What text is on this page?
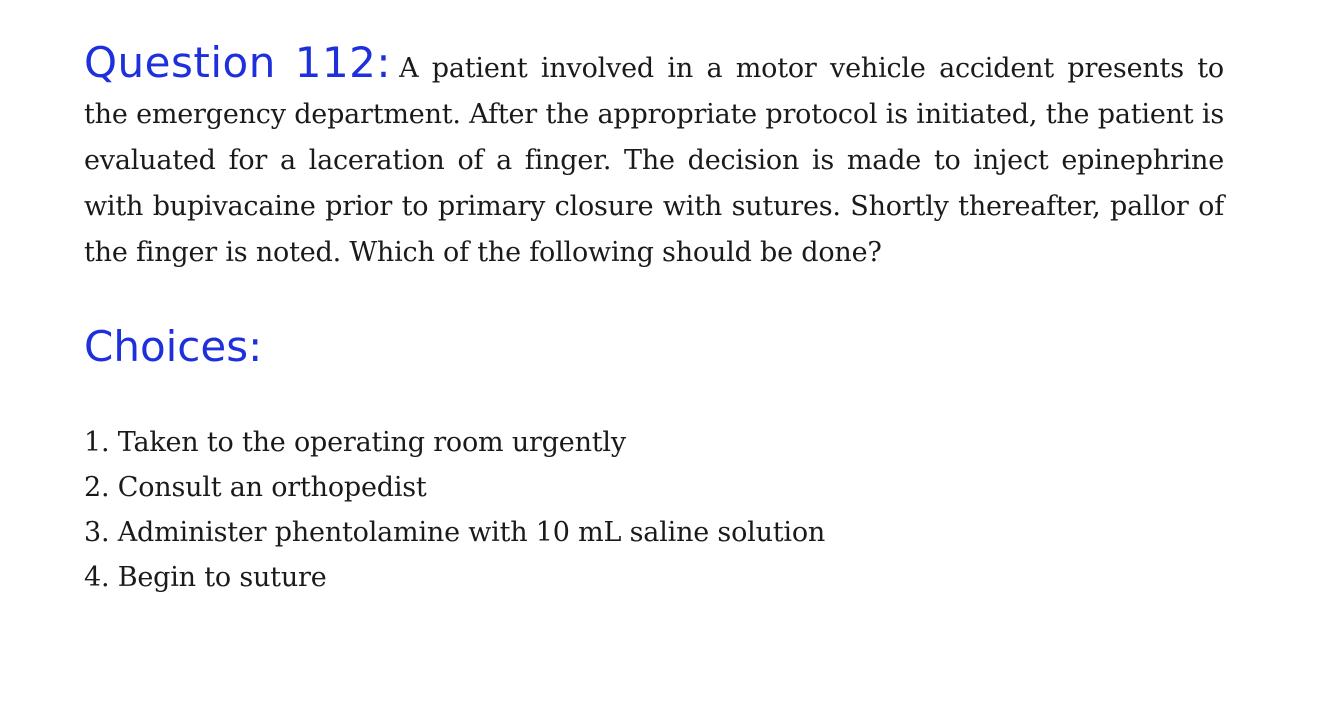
Question 112: A patient involved in a motor vehicle accident presents to the emergency department. After the appropriate protocol is initiated, the patient is evaluated for a laceration of a finger. The decision is made to inject epinephrine with bupivacaine prior to primary closure with sutures. Shortly thereafter, pallor of the finger is noted. Which of the following should be done?

Choices:
1. Taken to the operating room urgently
2. Consult an orthopedist
3. Administer phentolamine with 10 mL saline solution
4. Begin to suture
